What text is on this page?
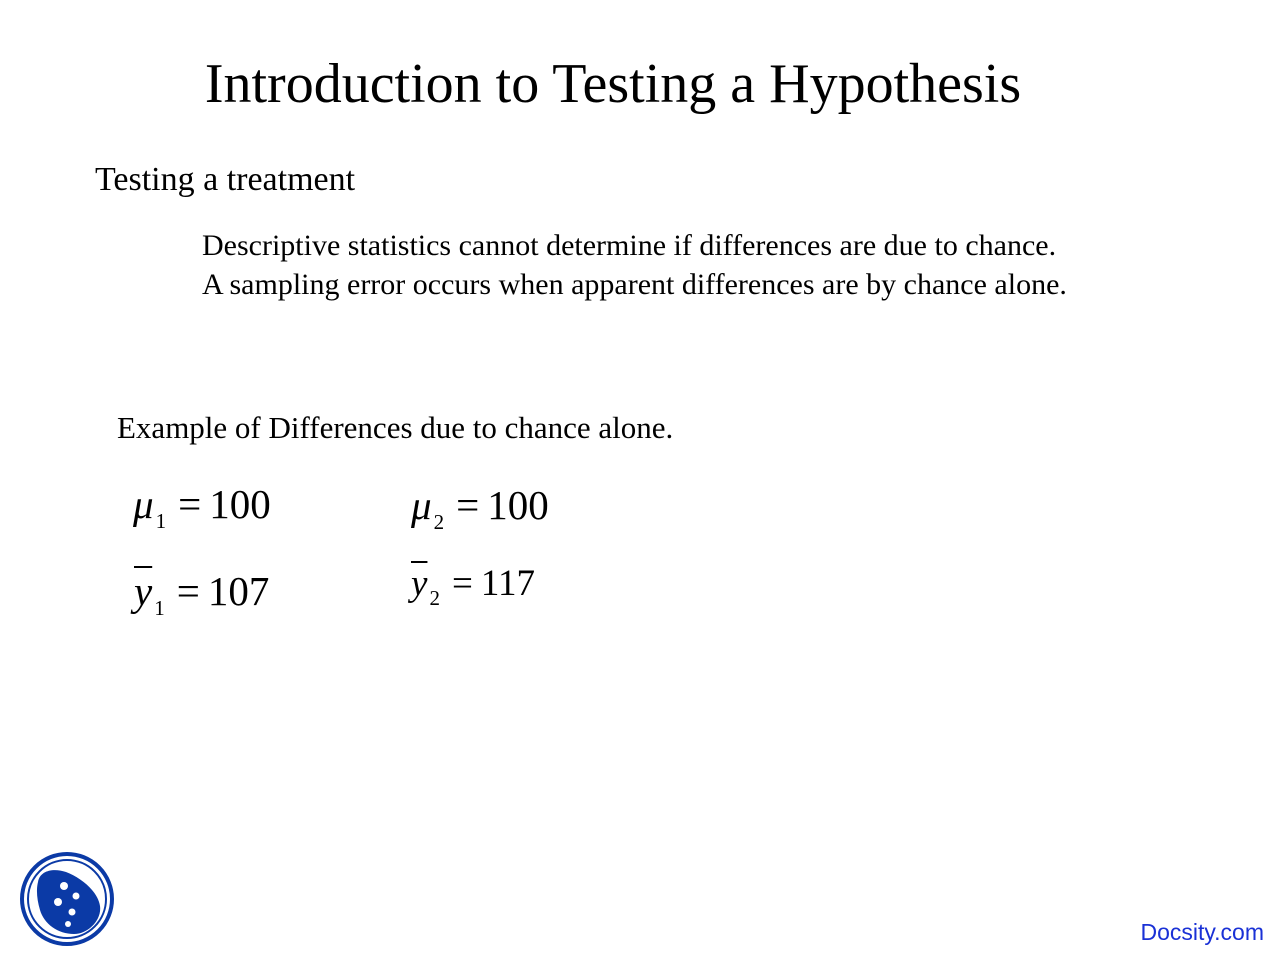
Introduction to Testing a Hypothesis
Testing a treatment
Descriptive statistics cannot determine if differences are due to chance.
A sampling error occurs when apparent differences are by chance alone.
Example of Differences due to chance alone.
$\mu_1 = 100$	$\mu_2 = 100$
$\overline{y}_1 = 107$	$\overline{y}_2 = 117$
Docsity.com
